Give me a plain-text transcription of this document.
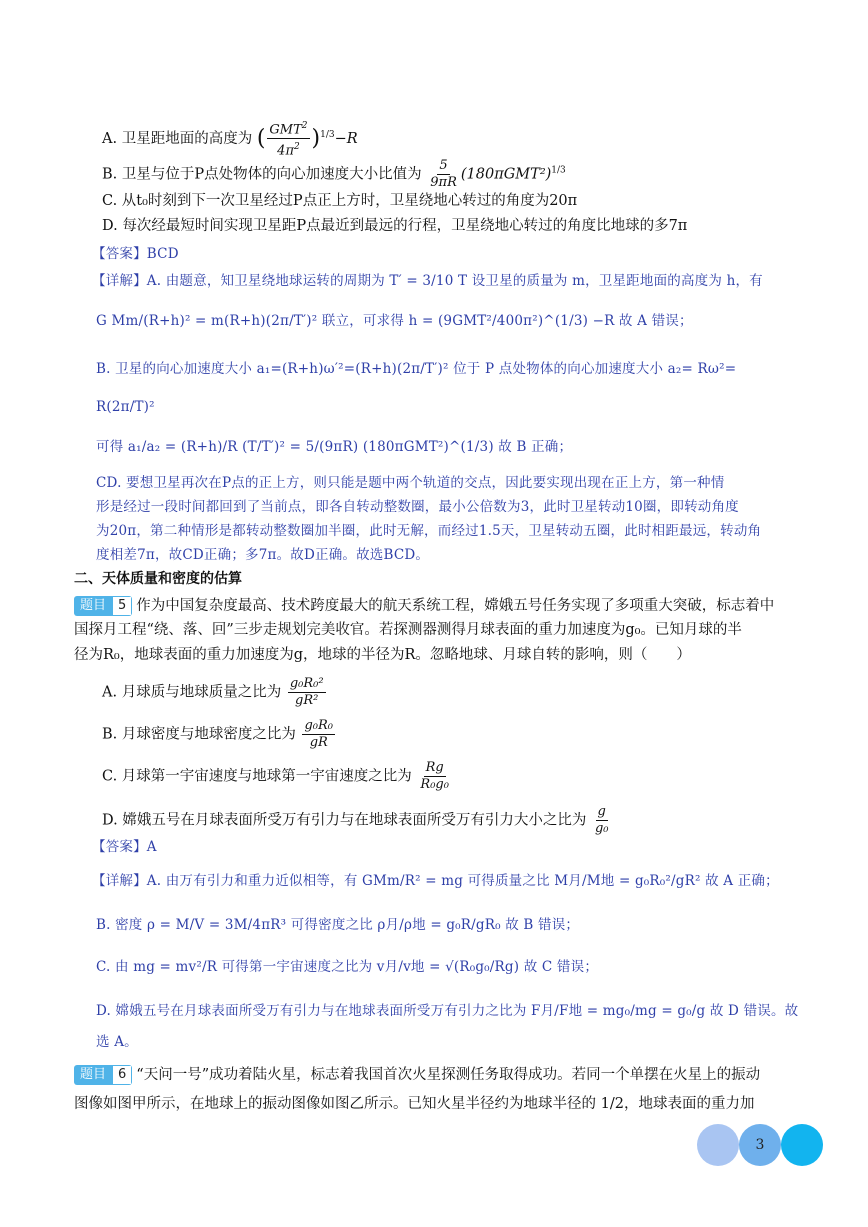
A. 卫星距地面的高度为 ( $\frac{GMT^2}{4\pi^2} )^{1/3}-R$
B. 卫星与位于P点处物体的向心加速度大小比值为 $\frac{5}{9\pi R} (180\pi GMT^2)^{1/3}$
C. 从t₀时刻到下一次卫星经过P点正上方时，卫星绕地心转过的角度为20π
D. 每次经最短时间实现卫星距P点最近到最远的行程，卫星绕地心转过的角度比地球的多7π
【答案】BCD
【详解】A. 由题意，知卫星绕地球运转的周期为 T′ = 3/10 T 设卫星的质量为 m，卫星距地面的高度为 h，有
G Mm/(R+h)² = m(R+h)(2π/T′)² 联立，可求得 h = (9GMT²/400π²)^(1/3) −R 故 A 错误；
B. 卫星的向心加速度大小 a₁=(R+h)ω′²=(R+h)(2π/T′)² 位于 P 点处物体的向心加速度大小 a₂= Rω²=
R(2π/T)²
可得 a₁/a₂ = (R+h)/R (T/T′)² = 5/(9πR) (180πGMT²)^(1/3) 故 B 正确；
CD. 要想卫星再次在P点的正上方，则只能是题中两个轨道的交点，因此要实现出现在正上方，第一种情
形是经过一段时间都回到了当前点，即各自转动整数圈，最小公倍数为3，此时卫星转动10圈，即转动角度
为20π，第二种情形是都转动整数圈加半圈，此时无解，而经过1.5天，卫星转动五圈，此时相距最远，转动角
度相差7π，故CD正确；多7π。故D正确。故选BCD。
二、天体质量和密度的估算
题目 5 作为中国复杂度最高、技术跨度最大的航天系统工程，嫦娥五号任务实现了多项重大突破，标志着中
国探月工程“绕、落、回”三步走规划完美收官。若探测器测得月球表面的重力加速度为g₀。已知月球的半
径为R₀，地球表面的重力加速度为g，地球的半径为R。忽略地球、月球自转的影响，则（　　）
A. 月球质与地球质量之比为 $\frac{\text{g₀R₀²}}{\text{gR²}}$
B. 月球密度与地球密度之比为 $\frac{\text{g₀R₀}}{gR}$
C. 月球第一宇宙速度与地球第一宇宙速度之比为 $\frac{Rg}{\text{R₀g₀}}$
D. 嫦娥五号在月球表面所受万有引力与在地球表面所受万有引力大小之比为 $\frac{g}{\text{g₀}}$
【答案】A
【详解】A. 由万有引力和重力近似相等，有 GMm/R² = mg 可得质量之比 M月/M地 = g₀R₀²/gR² 故 A 正确；
B. 密度 ρ = M/V = 3M/4πR³ 可得密度之比 ρ月/ρ地 = g₀R/gR₀ 故 B 错误；
C. 由 mg = mv²/R 可得第一宇宙速度之比为 v月/v地 = √(R₀g₀/Rg) 故 C 错误；
D. 嫦娥五号在月球表面所受万有引力与在地球表面所受万有引力之比为 F月/F地 = mg₀/mg = g₀/g 故 D 错误。故
选 A。
题目 6 “天问一号”成功着陆火星，标志着我国首次火星探测任务取得成功。若同一个单摆在火星上的振动
图像如图甲所示，在地球上的振动图像如图乙所示。已知火星半径约为地球半径的 1/2，地球表面的重力加
3
